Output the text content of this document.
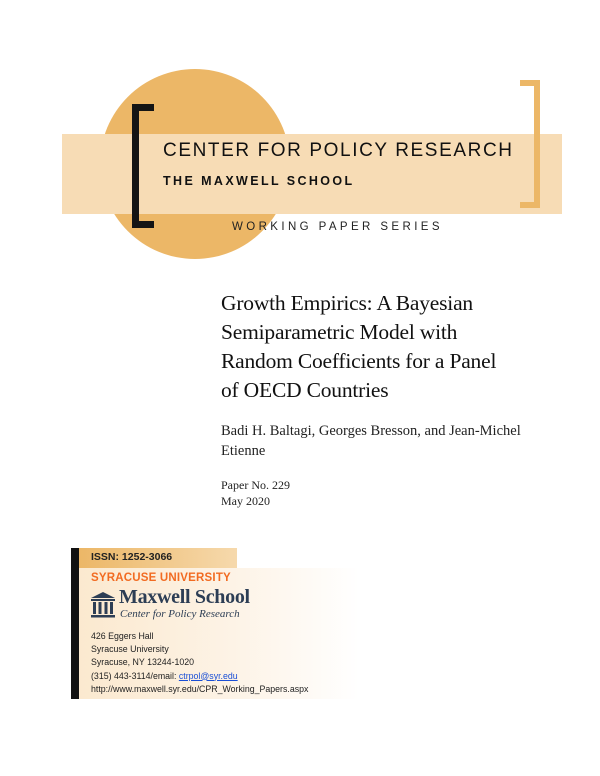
CENTER FOR POLICY RESEARCH

THE MAXWELL SCHOOL

WORKING PAPER SERIES

Growth Empirics: A Bayesian
Semiparametric Model with
Random Coefficients for a Panel
of OECD Countries

Badi H. Baltagi, Georges Bresson, and Jean-Michel
Etienne

Paper No. 229
May 2020

ISSN: 1252-3066

SYRACUSE UNIVERSITY

Maxwell School

Center for Policy Research

426 Eggers Hall
Syracuse University
Syracuse, NY 13244-1020
(315) 443-3114/email: ctrpol@syr.edu
http://www.maxwell.syr.edu/CPR_Working_Papers.aspx
